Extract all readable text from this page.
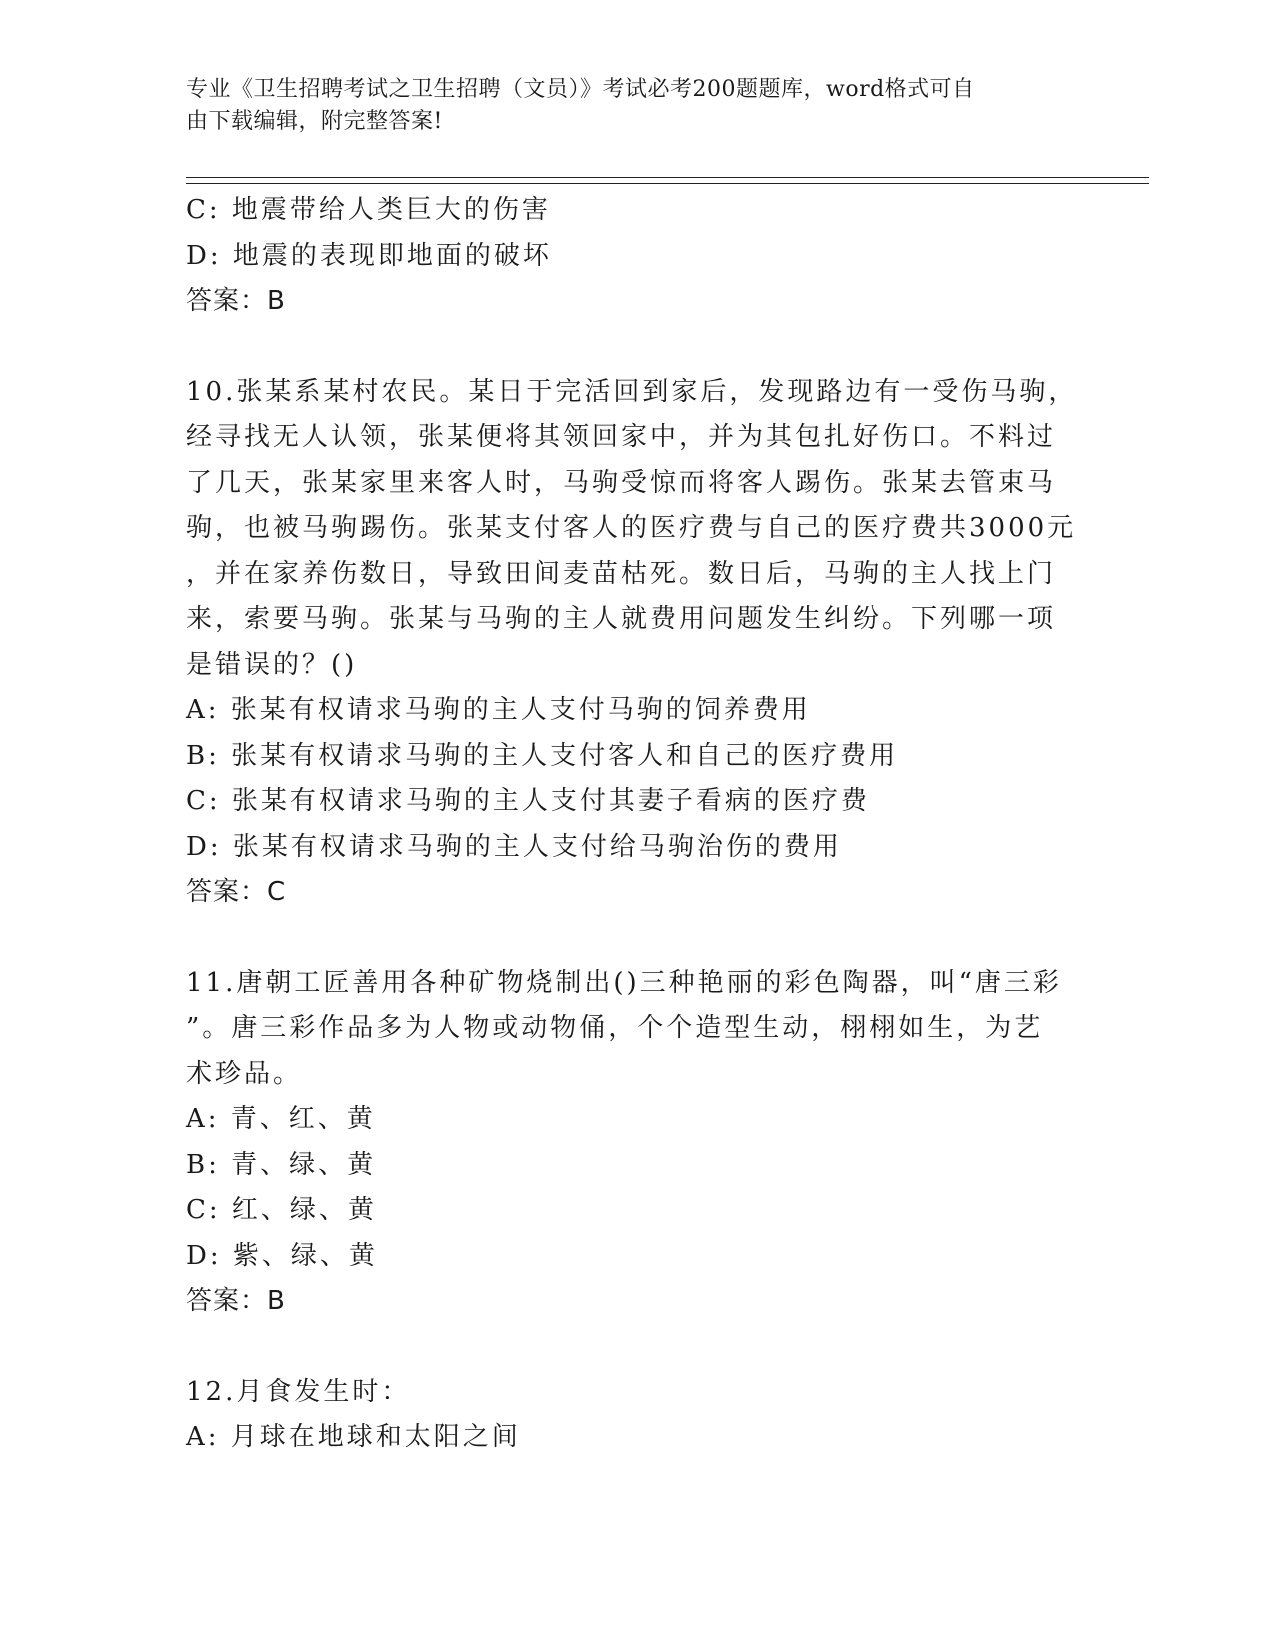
专业《卫生招聘考试之卫生招聘（文员）》考试必考200题题库，word格式可自
由下载编辑，附完整答案!
C: 地震带给人类巨大的伤害
D: 地震的表现即地面的破坏
答案：B
10.张某系某村农民。某日于完活回到家后，发现路边有一受伤马驹，
经寻找无人认领，张某便将其领回家中，并为其包扎好伤口。不料过
了几天，张某家里来客人时，马驹受惊而将客人踢伤。张某去管束马
驹，也被马驹踢伤。张某支付客人的医疗费与自己的医疗费共3000元
，并在家养伤数日，导致田间麦苗枯死。数日后，马驹的主人找上门
来，索要马驹。张某与马驹的主人就费用问题发生纠纷。下列哪一项
是错误的？()
A: 张某有权请求马驹的主人支付马驹的饲养费用
B: 张某有权请求马驹的主人支付客人和自己的医疗费用
C: 张某有权请求马驹的主人支付其妻子看病的医疗费
D: 张某有权请求马驹的主人支付给马驹治伤的费用
答案：C
11.唐朝工匠善用各种矿物烧制出()三种艳丽的彩色陶器，叫“唐三彩
”。唐三彩作品多为人物或动物俑，个个造型生动，栩栩如生，为艺
术珍品。
A: 青、红、黄
B: 青、绿、黄
C: 红、绿、黄
D: 紫、绿、黄
答案：B
12.月食发生时：
A: 月球在地球和太阳之间
